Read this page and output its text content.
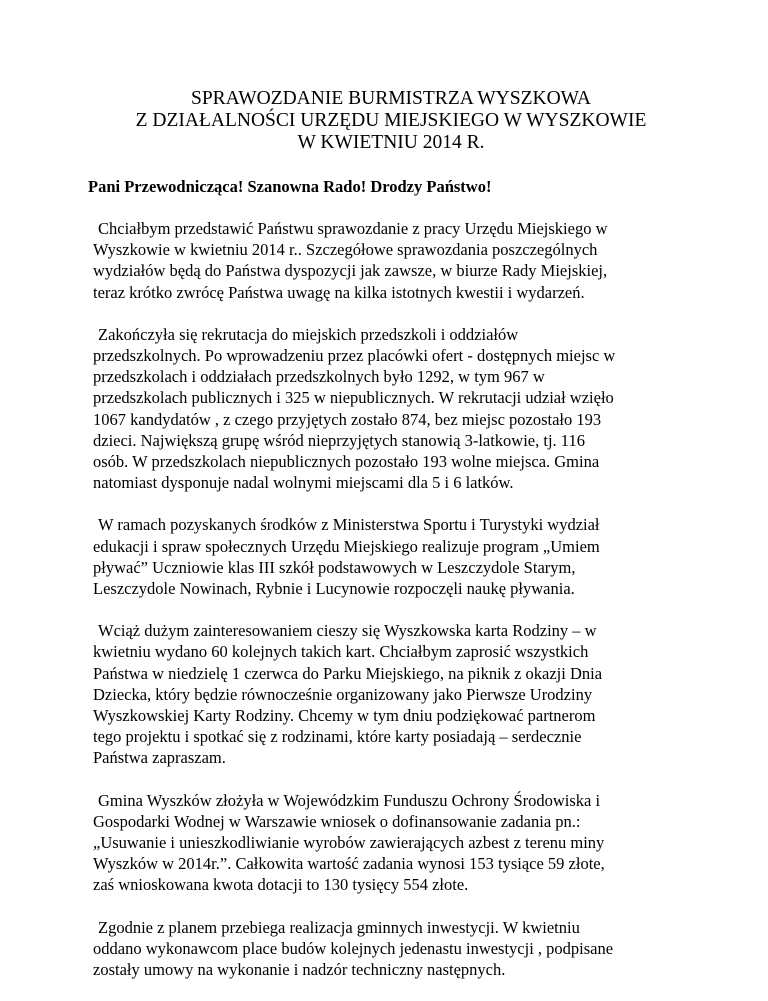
SPRAWOZDANIE BURMISTRZA WYSZKOWA
Z DZIAŁALNOŚCI URZĘDU MIEJSKIEGO W WYSZKOWIE
W KWIETNIU 2014 R.
Pani Przewodnicząca! Szanowna Rado! Drodzy Państwo!
Chciałbym przedstawić Państwu sprawozdanie z pracy Urzędu Miejskiego w
Wyszkowie w kwietniu 2014 r.. Szczegółowe sprawozdania poszczególnych
wydziałów będą do Państwa dyspozycji jak zawsze, w biurze Rady Miejskiej,
teraz krótko zwrócę Państwa uwagę na kilka istotnych kwestii i wydarzeń.
Zakończyła się rekrutacja do miejskich przedszkoli i oddziałów
przedszkolnych. Po wprowadzeniu przez placówki ofert - dostępnych miejsc w
przedszkolach i oddziałach przedszkolnych było 1292, w tym 967 w
przedszkolach publicznych i 325 w niepublicznych. W rekrutacji udział wzięło
1067 kandydatów , z czego przyjętych zostało 874, bez miejsc pozostało 193
dzieci. Największą grupę wśród nieprzyjętych stanowią 3-latkowie, tj. 116
osób. W przedszkolach niepublicznych pozostało 193 wolne miejsca. Gmina
natomiast dysponuje nadal wolnymi miejscami dla 5 i 6 latków.
W ramach pozyskanych środków z Ministerstwa Sportu i Turystyki wydział
edukacji i spraw społecznych Urzędu Miejskiego realizuje program „Umiem
pływać” Uczniowie klas III szkół podstawowych w Leszczydole Starym,
Leszczydole Nowinach, Rybnie i Lucynowie rozpoczęli naukę pływania.
Wciąż dużym zainteresowaniem cieszy się Wyszkowska karta Rodziny – w
kwietniu wydano 60 kolejnych takich kart. Chciałbym zaprosić wszystkich
Państwa w niedzielę 1 czerwca do Parku Miejskiego, na piknik z okazji Dnia
Dziecka, który będzie równocześnie organizowany jako Pierwsze Urodziny
Wyszkowskiej Karty Rodziny. Chcemy w tym dniu podziękować partnerom
tego projektu i spotkać się z rodzinami, które karty posiadają – serdecznie
Państwa zapraszam.
Gmina Wyszków złożyła w Wojewódzkim Funduszu Ochrony Środowiska i
Gospodarki Wodnej w Warszawie wniosek o dofinansowanie zadania pn.:
„Usuwanie i unieszkodliwianie wyrobów zawierających azbest z terenu miny
Wyszków w 2014r.”. Całkowita wartość zadania wynosi 153 tysiące 59 złote,
zaś wnioskowana kwota dotacji to 130 tysięcy 554 złote.
Zgodnie z planem przebiega realizacja gminnych inwestycji. W kwietniu
oddano wykonawcom place budów kolejnych jedenastu inwestycji , podpisane
zostały umowy na wykonanie i nadzór techniczny następnych.
